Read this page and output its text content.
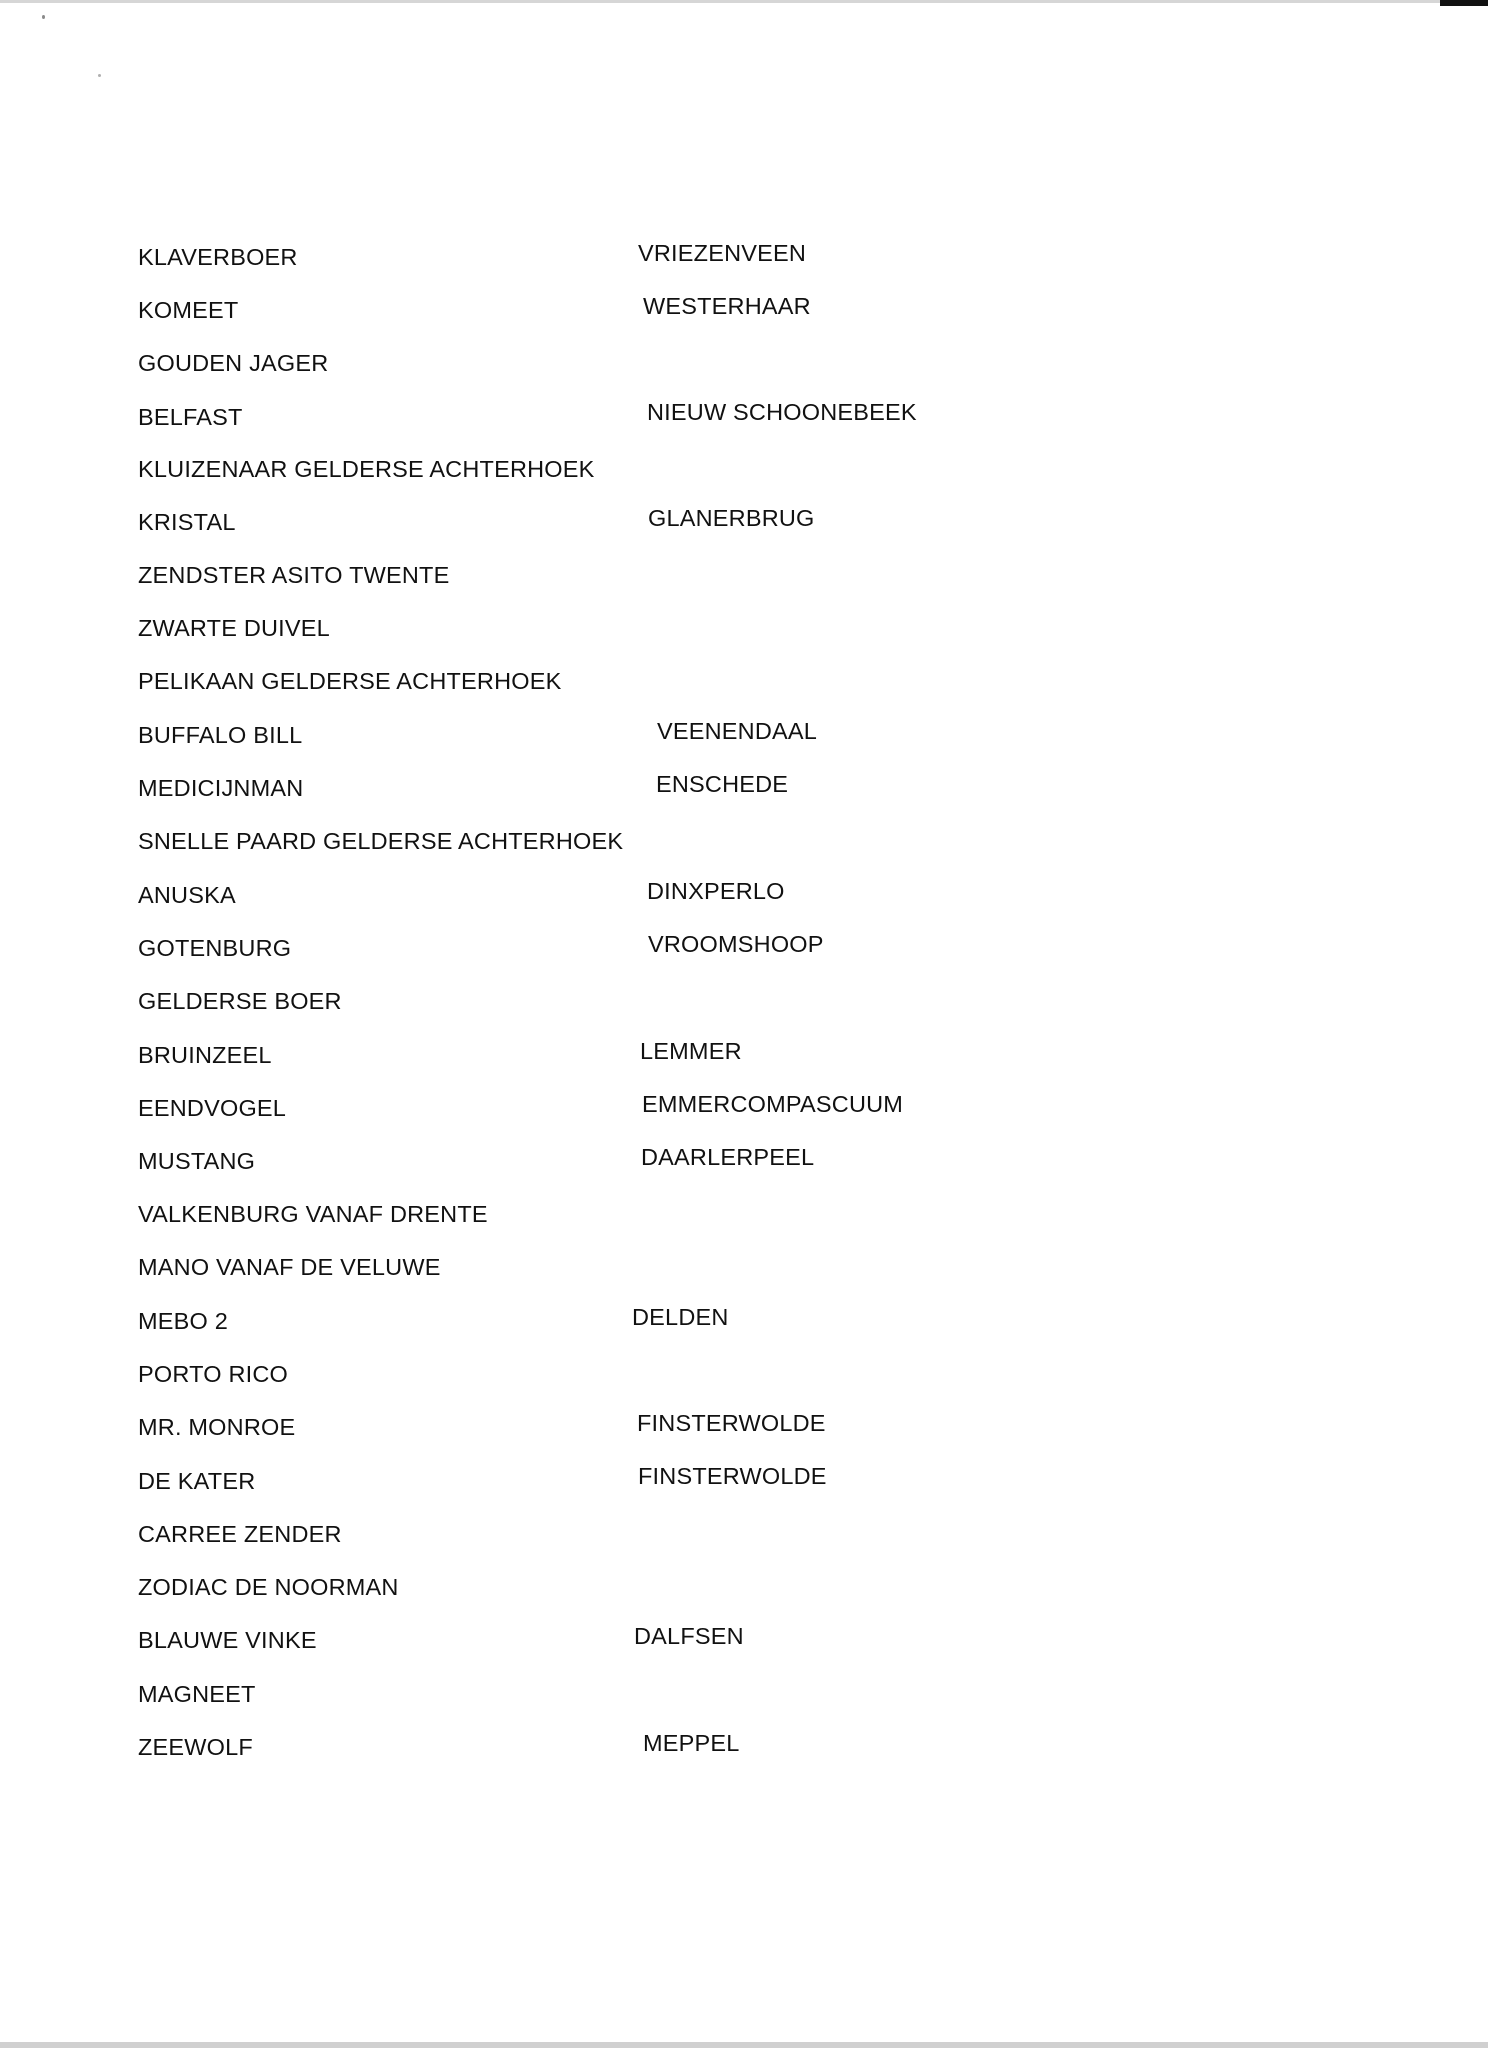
KLAVERBOER	VRIEZENVEEN
KOMEET	WESTERHAAR
GOUDEN JAGER
BELFAST	NIEUW SCHOONEBEEK
KLUIZENAAR GELDERSE ACHTERHOEK
KRISTAL	GLANERBRUG
ZENDSTER ASITO TWENTE
ZWARTE DUIVEL
PELIKAAN GELDERSE ACHTERHOEK
BUFFALO BILL	VEENENDAAL
MEDICIJNMAN	ENSCHEDE
SNELLE PAARD GELDERSE ACHTERHOEK
ANUSKA	DINXPERLO
GOTENBURG	VROOMSHOOP
GELDERSE BOER
BRUINZEEL	LEMMER
EENDVOGEL	EMMERCOMPASCUUM
MUSTANG	DAARLERPEEL
VALKENBURG VANAF DRENTE
MANO VANAF DE VELUWE
MEBO 2	DELDEN
PORTO RICO
MR. MONROE	FINSTERWOLDE
DE KATER	FINSTERWOLDE
CARREE ZENDER
ZODIAC DE NOORMAN
BLAUWE VINKE	DALFSEN
MAGNEET
ZEEWOLF	MEPPEL
